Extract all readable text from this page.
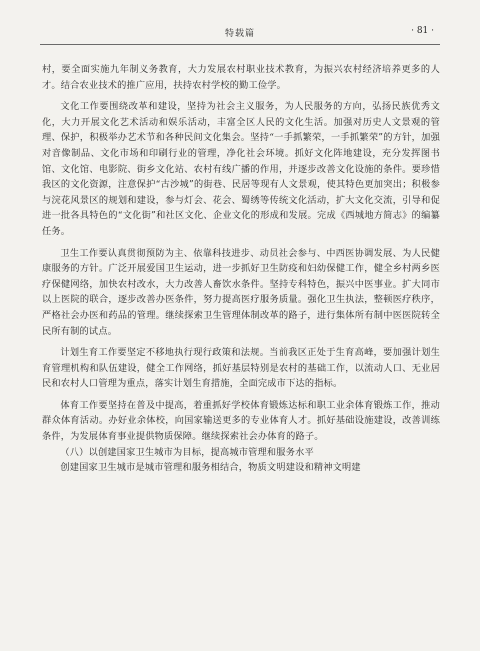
特载篇	· 81 ·

村，要全面实施九年制义务教育，大力发展农村职业技术教育，为振兴农村经济培养更多的人才。结合农业技术的推广应用，扶持农村学校的勤工俭学。

文化工作要围绕改革和建设，坚持为社会主义服务，为人民服务的方向，弘扬民族优秀文化，大力开展文化艺术活动和娱乐活动，丰富全区人民的文化生活。加强对历史人文景观的管理、保护，积极举办艺术节和各种民间文化集会。坚持“一手抓繁荣，一手抓繁荣”的方针，加强对音像制品、文化市场和印刷行业的管理，净化社会环境。抓好文化阵地建设，充分发挥图书馆、文化馆、电影院、街乡文化站、农村有线广播的作用，并逐步改善文化设施的条件。要珍惜我区的文化资源，注意保护“古沙城”的街巷、民居等现有人文景观，使其特色更加突出；积极参与浣花风景区的规划和建设，参与灯会、花会、蜀绣等传统文化活动，扩大文化交流，引导和促进一批各具特色的“文化街”和社区文化、企业文化的形成和发展。完成《西城地方简志》的编纂任务。

卫生工作要认真贯彻预防为主、依靠科技进步、动员社会参与、中西医协调发展、为人民健康服务的方针。广泛开展爱国卫生运动，进一步抓好卫生防疫和妇幼保健工作，健全乡村两乡医疗保健网络，加快农村改水，大力改善人畜饮水条件。坚持专科特色，振兴中医事业。扩大同市以上医院的联合，逐步改善办医条件，努力提高医疗服务质量。强化卫生执法，整顿医疗秩序，严格社会办医和药品的管理。继续探索卫生管理体制改革的路子，进行集体所有制中医医院转全民所有制的试点。

计划生育工作要坚定不移地执行现行政策和法规。当前我区正处于生育高峰，要加强计划生育管理机构和队伍建设，健全工作网络，抓好基层特别是农村的基础工作，以流动人口、无业居民和农村人口管理为重点，落实计划生育措施，全面完成市下达的指标。

体育工作要坚持在普及中提高，着重抓好学校体育锻炼达标和职工业余体育锻炼工作，推动群众体育活动。办好业余体校，向国家输送更多的专业体育人才。抓好基础设施建设，改善训练条件，为发展体育事业提供物质保障。继续探索社会办体育的路子。

（八）以创建国家卫生城市为目标，提高城市管理和服务水平

创建国家卫生城市是城市管理和服务相结合，物质文明建设和精神文明建
